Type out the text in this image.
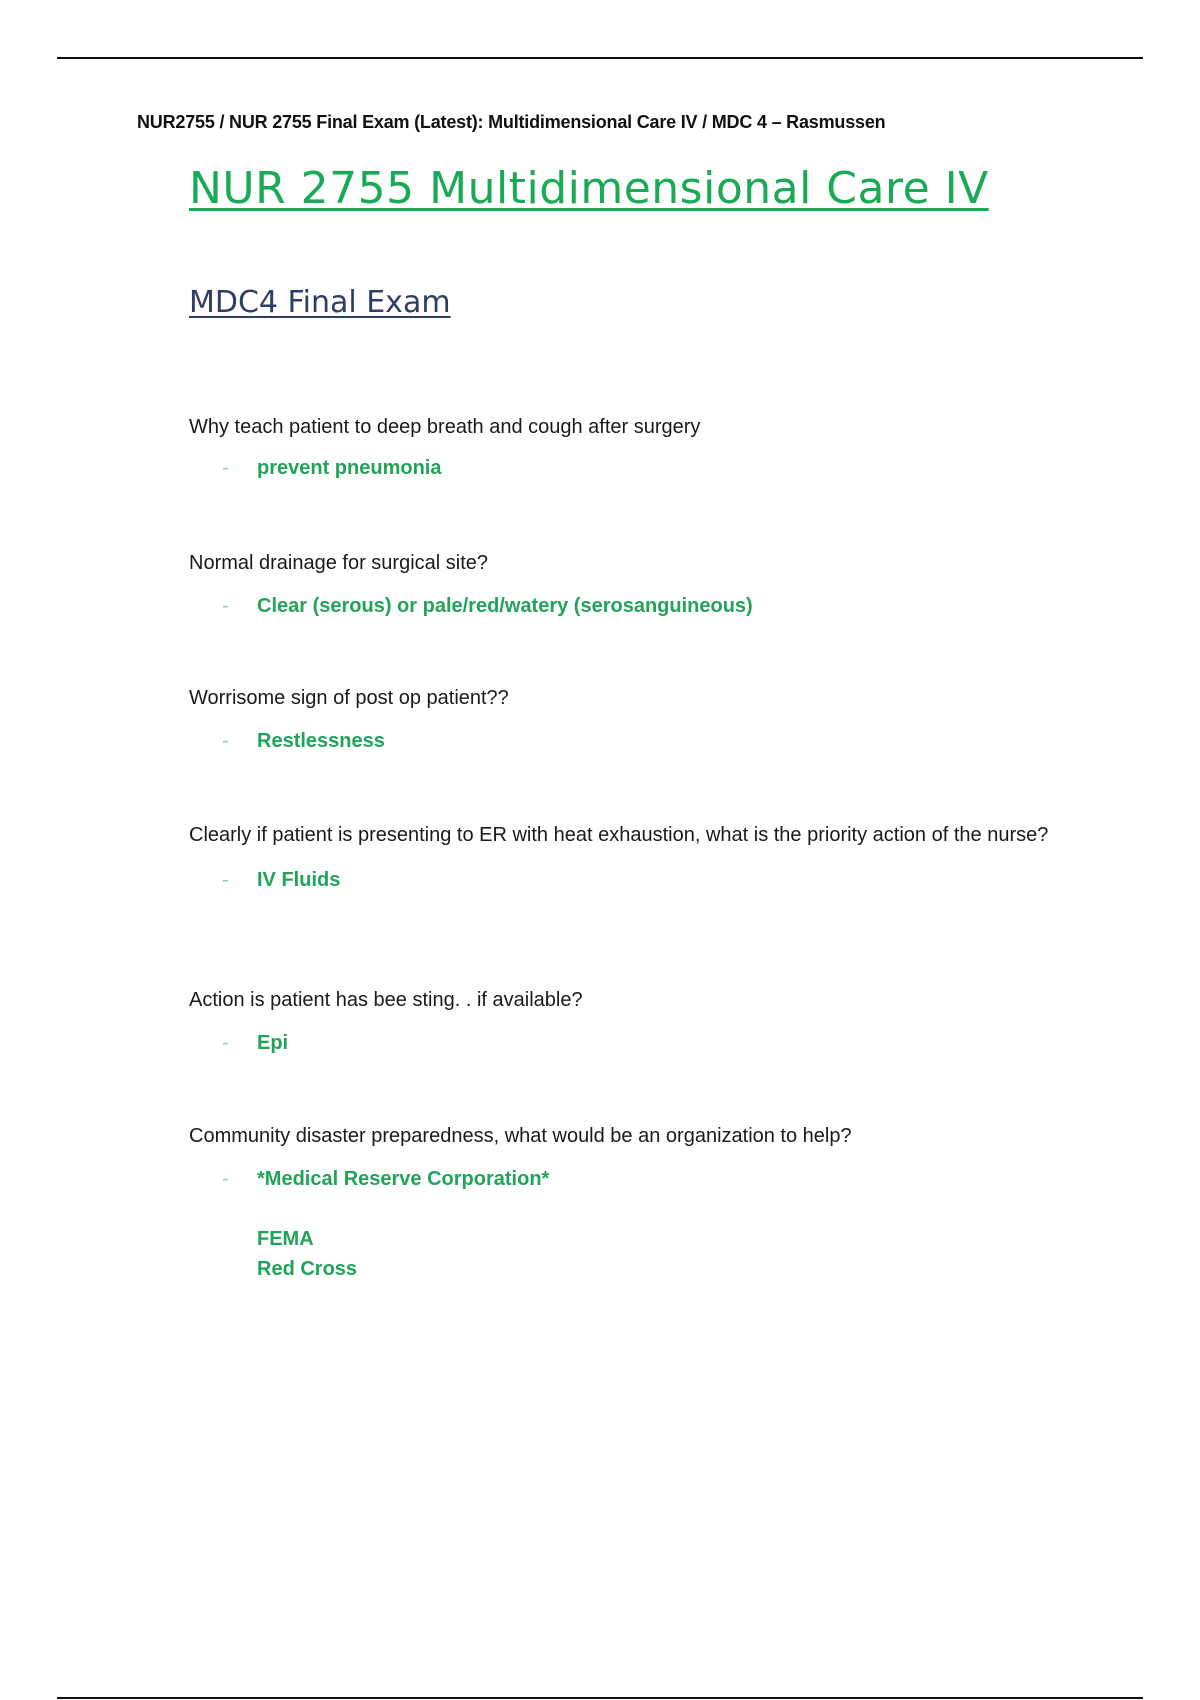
NUR2755 / NUR 2755 Final Exam (Latest): Multidimensional Care IV / MDC 4 – Rasmussen
NUR 2755 Multidimensional Care IV
MDC4 Final Exam

Why teach patient to deep breath and cough after surgery

- prevent pneumonia

Normal drainage for surgical site?

- Clear (serous) or pale/red/watery (serosanguineous)

Worrisome sign of post op patient??

- Restlessness

Clearly if patient is presenting to ER with heat exhaustion, what is the priority action of the nurse?

- IV Fluids

Action is patient has bee sting. . if available?

- Epi

Community disaster preparedness, what would be an organization to help?

- *Medical Reserve Corporation*
FEMA
Red Cross
